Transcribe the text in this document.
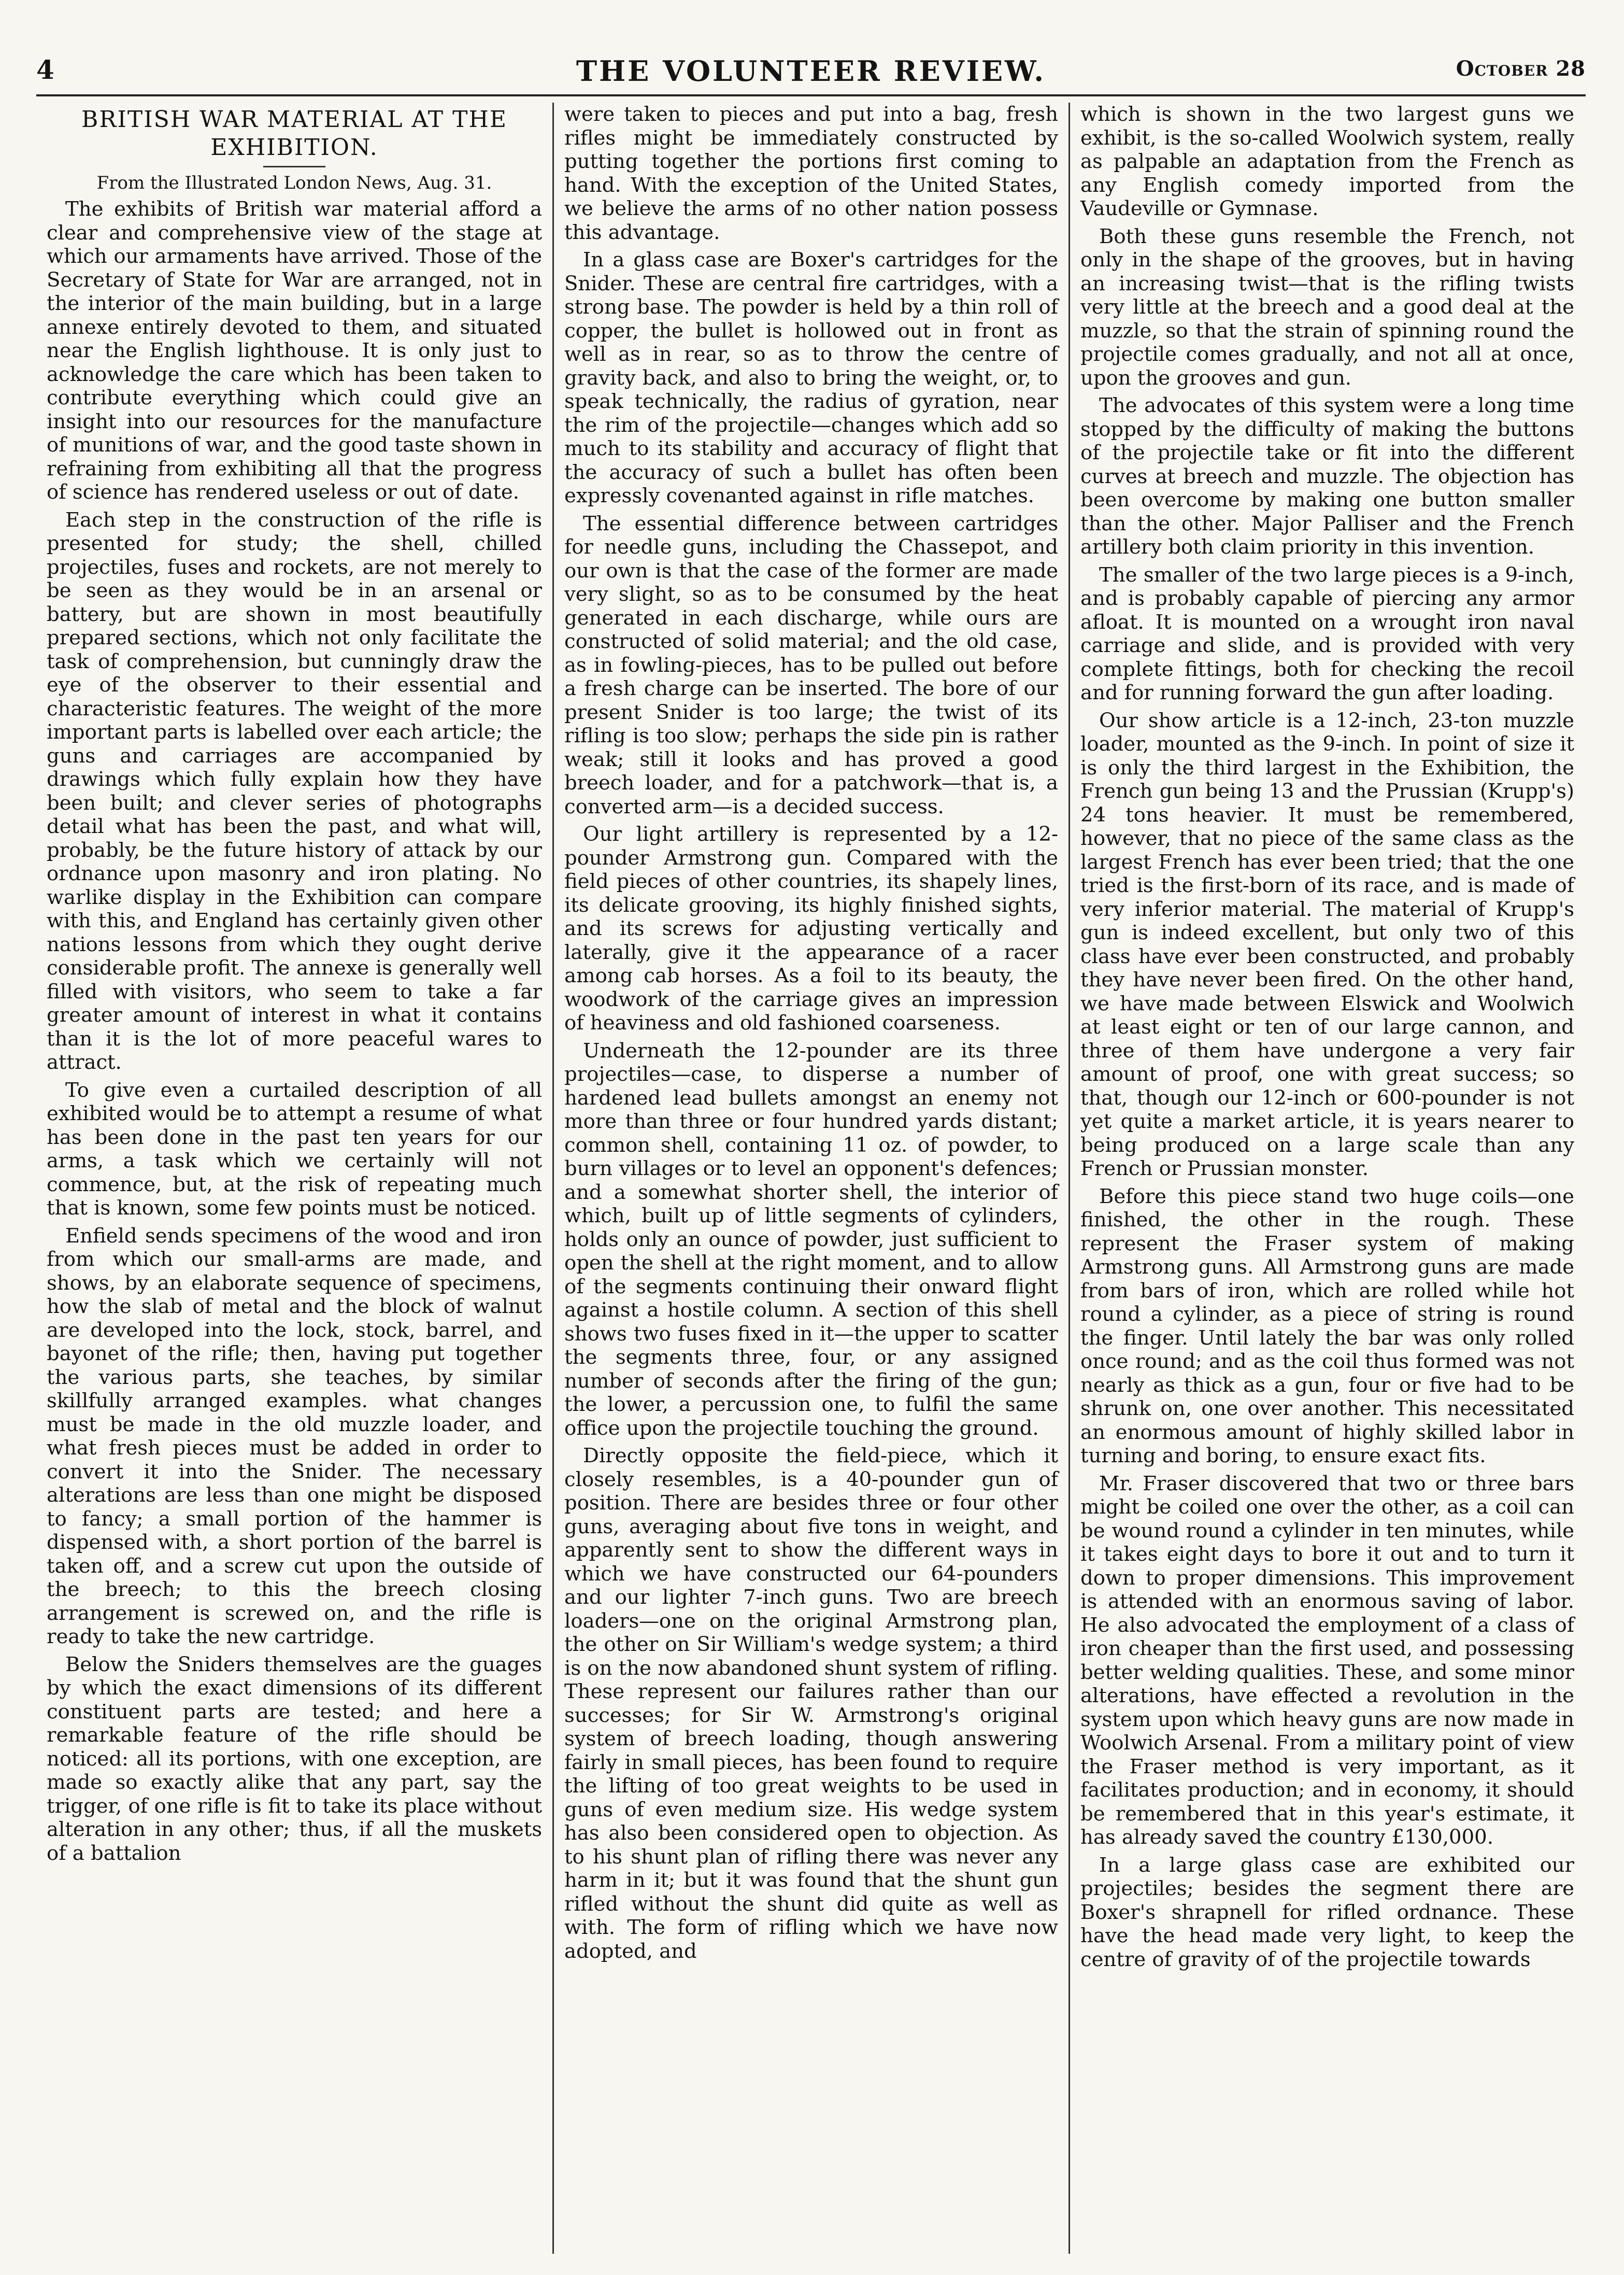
4	THE VOLUNTEER REVIEW.	October 28
BRITISH WAR MATERIAL AT THE EXHIBITION.
From the Illustrated London News, Aug. 31.

The exhibits of British war material afford a clear and comprehensive view of the stage at which our armaments have arrived. Those of the Secretary of State for War are arranged, not in the interior of the main building, but in a large annexe entirely devoted to them, and situated near the English lighthouse. It is only just to acknowledge the care which has been taken to contribute everything which could give an insight into our resources for the manufacture of munitions of war, and the good taste shown in refraining from exhibiting all that the progress of science has rendered useless or out of date.

Each step in the construction of the rifle is presented for study; the shell, chilled projectiles, fuses and rockets, are not merely to be seen as they would be in an arsenal or battery, but are shown in most beautifully prepared sections, which not only facilitate the task of comprehension, but cunningly draw the eye of the observer to their essential and characteristic features. The weight of the more important parts is labelled over each article; the guns and carriages are accompanied by drawings which fully explain how they have been built; and clever series of photographs detail what has been the past, and what will, probably, be the future history of attack by our ordnance upon masonry and iron plating. No warlike display in the Exhibition can compare with this, and England has certainly given other nations lessons from which they ought derive considerable profit. The annexe is generally well filled with visitors, who seem to take a far greater amount of interest in what it contains than it is the lot of more peaceful wares to attract.

To give even a curtailed description of all exhibited would be to attempt a resume of what has been done in the past ten years for our arms, a task which we certainly will not commence, but, at the risk of repeating much that is known, some few points must be noticed.

Enfield sends specimens of the wood and iron from which our small-arms are made, and shows, by an elaborate sequence of specimens, how the slab of metal and the block of walnut are developed into the lock, stock, barrel, and bayonet of the rifle; then, having put together the various parts, she teaches, by similar skillfully arranged examples. what changes must be made in the old muzzle loader, and what fresh pieces must be added in order to convert it into the Snider. The necessary alterations are less than one might be disposed to fancy; a small portion of the hammer is dispensed with, a short portion of the barrel is taken off, and a screw cut upon the outside of the breech; to this the breech closing arrangement is screwed on, and the rifle is ready to take the new cartridge.

Below the Sniders themselves are the guages by which the exact dimensions of its different constituent parts are tested; and here a remarkable feature of the rifle should be noticed: all its portions, with one exception, are made so exactly alike that any part, say the trigger, of one rifle is fit to take its place without alteration in any other; thus, if all the muskets of a battalion

were taken to pieces and put into a bag, fresh rifles might be immediately constructed by putting together the portions first coming to hand. With the exception of the United States, we believe the arms of no other nation possess this advantage.

In a glass case are Boxer's cartridges for the Snider. These are central fire cartridges, with a strong base. The powder is held by a thin roll of copper, the bullet is hollowed out in front as well as in rear, so as to throw the centre of gravity back, and also to bring the weight, or, to speak technically, the radius of gyration, near the rim of the projectile—changes which add so much to its stability and accuracy of flight that the accuracy of such a bullet has often been expressly covenanted against in rifle matches.

The essential difference between cartridges for needle guns, including the Chassepot, and our own is that the case of the former are made very slight, so as to be consumed by the heat generated in each discharge, while ours are constructed of solid material; and the old case, as in fowling-pieces, has to be pulled out before a fresh charge can be inserted. The bore of our present Snider is too large; the twist of its rifling is too slow; perhaps the side pin is rather weak; still it looks and has proved a good breech loader, and for a patchwork—that is, a converted arm—is a decided success.

Our light artillery is represented by a 12-pounder Armstrong gun. Compared with the field pieces of other countries, its shapely lines, its delicate grooving, its highly finished sights, and its screws for adjusting vertically and laterally, give it the appearance of a racer among cab horses. As a foil to its beauty, the woodwork of the carriage gives an impression of heaviness and old fashioned coarseness.

Underneath the 12-pounder are its three projectiles—case, to disperse a number of hardened lead bullets amongst an enemy not more than three or four hundred yards distant; common shell, containing 11 oz. of powder, to burn villages or to level an opponent's defences; and a somewhat shorter shell, the interior of which, built up of little segments of cylinders, holds only an ounce of powder, just sufficient to open the shell at the right moment, and to allow of the segments continuing their onward flight against a hostile column. A section of this shell shows two fuses fixed in it—the upper to scatter the segments three, four, or any assigned number of seconds after the firing of the gun; the lower, a percussion one, to fulfil the same office upon the projectile touching the ground.

Directly opposite the field-piece, which it closely resembles, is a 40-pounder gun of position. There are besides three or four other guns, averaging about five tons in weight, and apparently sent to show the different ways in which we have constructed our 64-pounders and our lighter 7-inch guns. Two are breech loaders—one on the original Armstrong plan, the other on Sir William's wedge system; a third is on the now abandoned shunt system of rifling. These represent our failures rather than our successes; for Sir W. Armstrong's original system of breech loading, though answering fairly in small pieces, has been found to require the lifting of too great weights to be used in guns of even medium size. His wedge system has also been considered open to objection. As to his shunt plan of rifling there was never any harm in it; but it was found that the shunt gun rifled without the shunt did quite as well as with. The form of rifling which we have now adopted, and

which is shown in the two largest guns we exhibit, is the so-called Woolwich system, really as palpable an adaptation from the French as any English comedy imported from the Vaudeville or Gymnase.

Both these guns resemble the French, not only in the shape of the grooves, but in having an increasing twist—that is the rifling twists very little at the breech and a good deal at the muzzle, so that the strain of spinning round the projectile comes gradually, and not all at once, upon the grooves and gun.

The advocates of this system were a long time stopped by the difficulty of making the buttons of the projectile take or fit into the different curves at breech and muzzle. The objection has been overcome by making one button smaller than the other. Major Palliser and the French artillery both claim priority in this invention.

The smaller of the two large pieces is a 9-inch, and is probably capable of piercing any armor afloat. It is mounted on a wrought iron naval carriage and slide, and is provided with very complete fittings, both for checking the recoil and for running forward the gun after loading.

Our show article is a 12-inch, 23-ton muzzle loader, mounted as the 9-inch. In point of size it is only the third largest in the Exhibition, the French gun being 13 and the Prussian (Krupp's) 24 tons heavier. It must be remembered, however, that no piece of the same class as the largest French has ever been tried; that the one tried is the first-born of its race, and is made of very inferior material. The material of Krupp's gun is indeed excellent, but only two of this class have ever been constructed, and probably they have never been fired. On the other hand, we have made between Elswick and Woolwich at least eight or ten of our large cannon, and three of them have undergone a very fair amount of proof, one with great success; so that, though our 12-inch or 600-pounder is not yet quite a market article, it is years nearer to being produced on a large scale than any French or Prussian monster.

Before this piece stand two huge coils—one finished, the other in the rough. These represent the Fraser system of making Armstrong guns. All Armstrong guns are made from bars of iron, which are rolled while hot round a cylinder, as a piece of string is round the finger. Until lately the bar was only rolled once round; and as the coil thus formed was not nearly as thick as a gun, four or five had to be shrunk on, one over another. This necessitated an enormous amount of highly skilled labor in turning and boring, to ensure exact fits.

Mr. Fraser discovered that two or three bars might be coiled one over the other, as a coil can be wound round a cylinder in ten minutes, while it takes eight days to bore it out and to turn it down to proper dimensions. This improvement is attended with an enormous saving of labor. He also advocated the employment of a class of iron cheaper than the first used, and possessing better welding qualities. These, and some minor alterations, have effected a revolution in the system upon which heavy guns are now made in Woolwich Arsenal. From a military point of view the Fraser method is very important, as it facilitates production; and in economy, it should be remembered that in this year's estimate, it has already saved the country £130,000.

In a large glass case are exhibited our projectiles; besides the segment there are Boxer's shrapnell for rifled ordnance. These have the head made very light, to keep the centre of gravity of of the projectile towards
